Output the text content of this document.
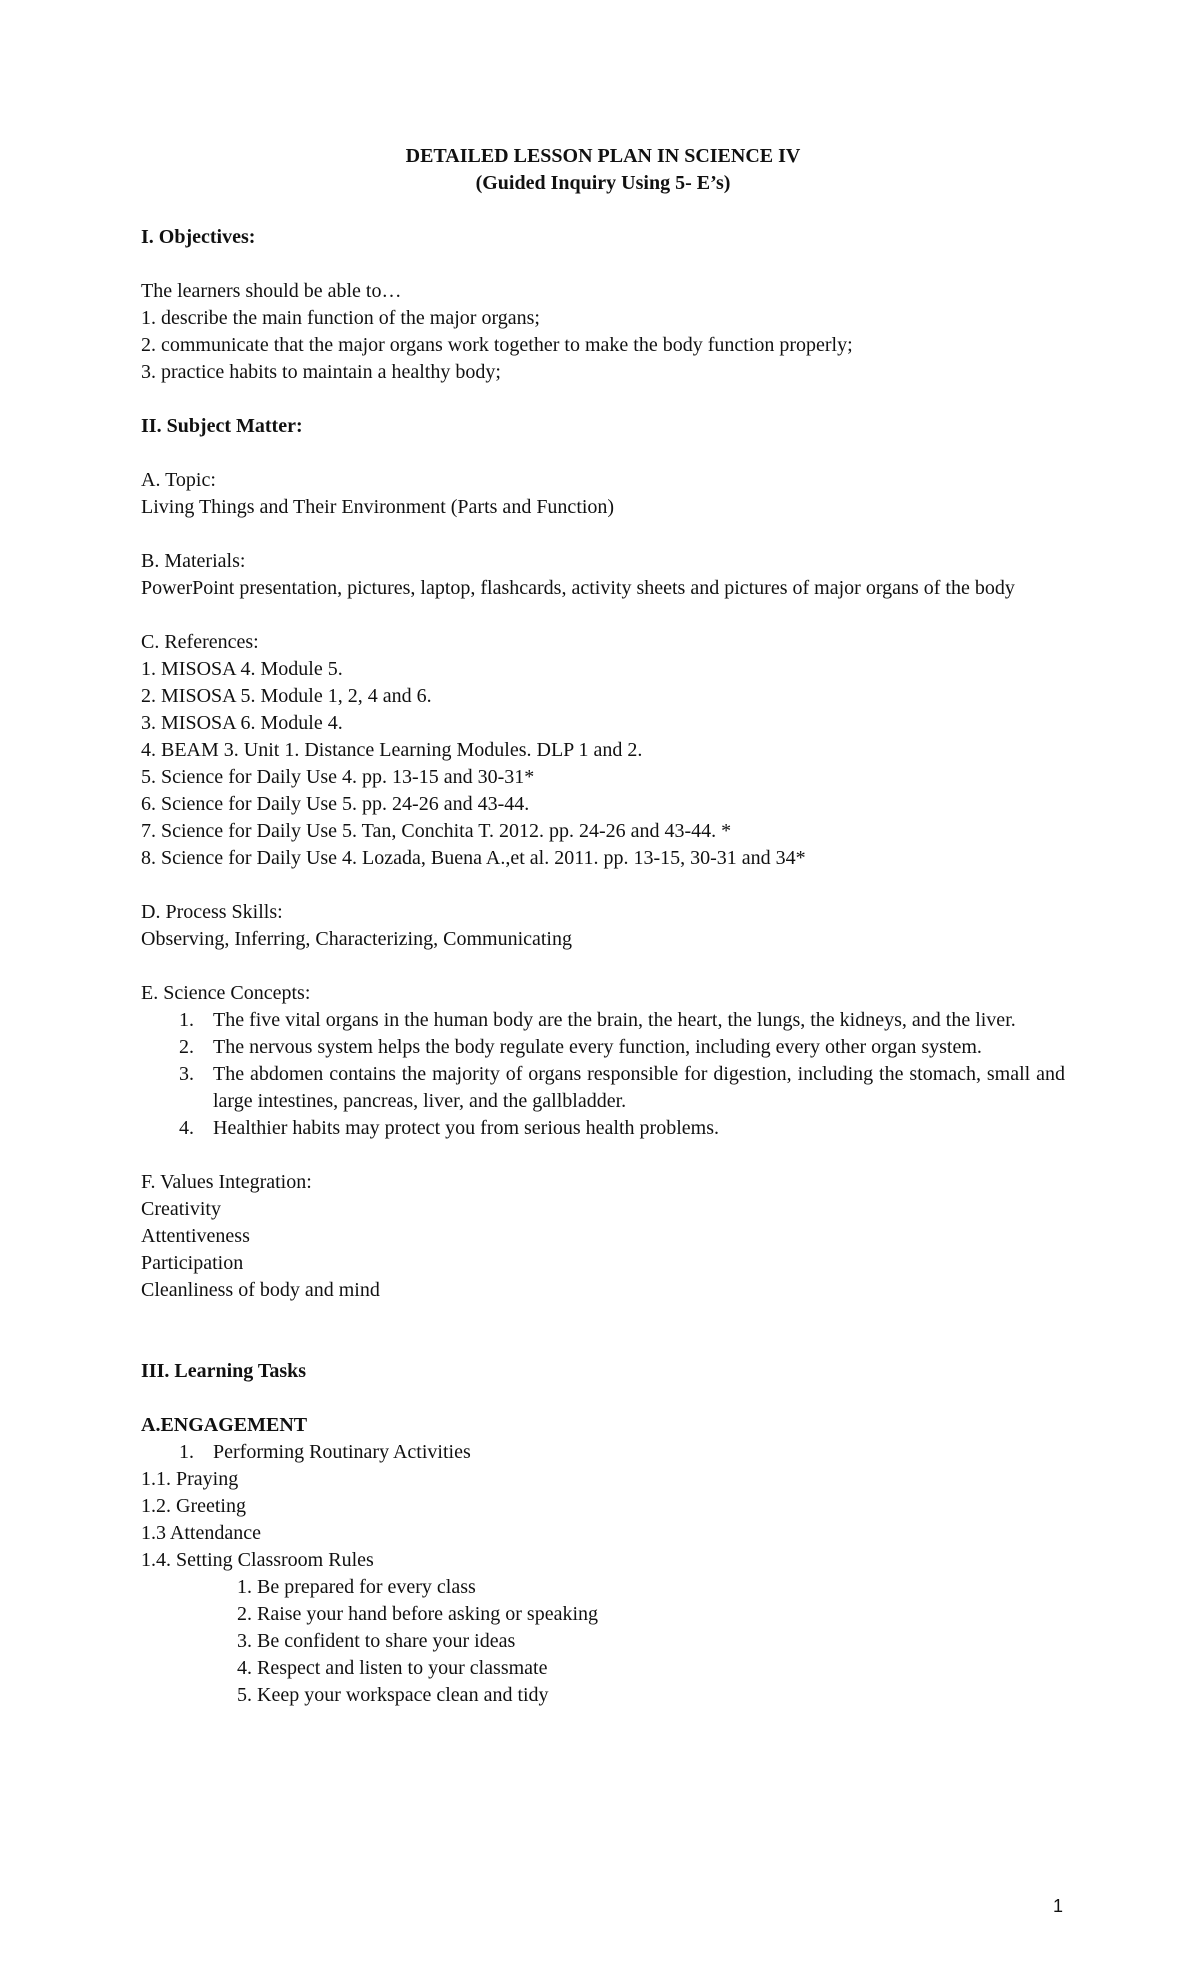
DETAILED LESSON PLAN IN SCIENCE IV
(Guided Inquiry Using 5- E’s)
I. Objectives:
The learners should be able to…
1. describe the main function of the major organs;
2. communicate that the major organs work together to make the body function properly;
3. practice habits to maintain a healthy body;
II. Subject Matter:
A. Topic:
Living Things and Their Environment (Parts and Function)
B. Materials:
PowerPoint presentation, pictures, laptop, flashcards, activity sheets and pictures of major organs of the body
C. References:
1. MISOSA 4. Module 5.
2. MISOSA 5. Module 1, 2, 4 and 6.
3. MISOSA 6. Module 4.
4. BEAM 3. Unit 1. Distance Learning Modules. DLP 1 and 2.
5. Science for Daily Use 4. pp. 13-15 and 30-31*
6. Science for Daily Use 5. pp. 24-26 and 43-44.
7. Science for Daily Use 5. Tan, Conchita T. 2012. pp. 24-26 and 43-44. *
8. Science for Daily Use 4. Lozada, Buena A.,et al. 2011. pp. 13-15, 30-31 and 34*
D. Process Skills:
Observing, Inferring, Characterizing, Communicating
E. Science Concepts:
1. The five vital organs in the human body are the brain, the heart, the lungs, the kidneys, and the liver.
2. The nervous system helps the body regulate every function, including every other organ system.
3. The abdomen contains the majority of organs responsible for digestion, including the stomach, small and large intestines, pancreas, liver, and the gallbladder.
4. Healthier habits may protect you from serious health problems.
F. Values Integration:
Creativity
Attentiveness
Participation
Cleanliness of body and mind
III. Learning Tasks
A.ENGAGEMENT
1. Performing Routinary Activities
1.1. Praying
1.2. Greeting
1.3 Attendance
1.4. Setting Classroom Rules
1. Be prepared for every class
2. Raise your hand before asking or speaking
3. Be confident to share your ideas
4. Respect and listen to your classmate
5. Keep your workspace clean and tidy
1
